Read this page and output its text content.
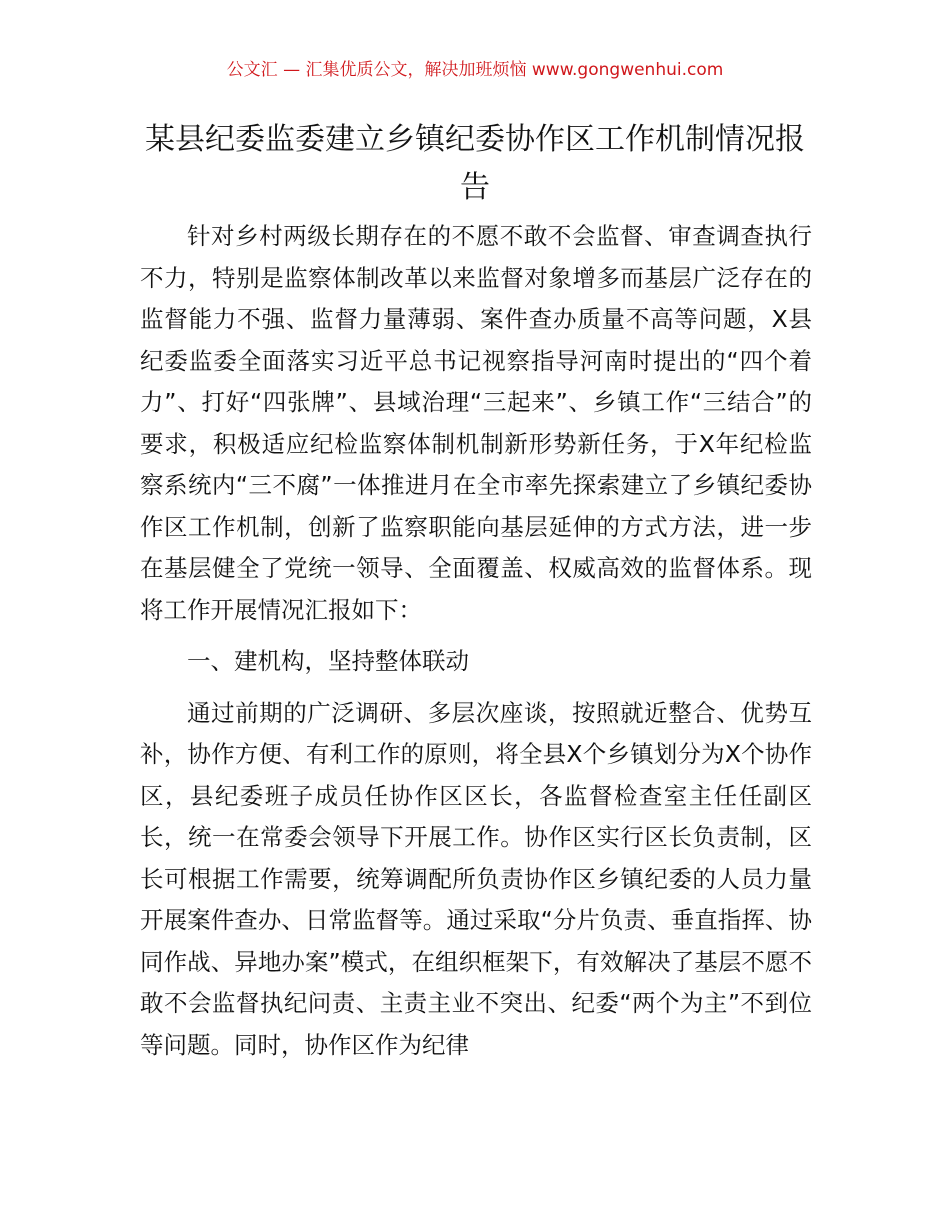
公文汇 — 汇集优质公文，解决加班烦恼 www.gongwenhui.com
某县纪委监委建立乡镇纪委协作区工作机制情况报告

针对乡村两级长期存在的不愿不敢不会监督、审查调查执行不力，特别是监察体制改革以来监督对象增多而基层广泛存在的监督能力不强、监督力量薄弱、案件查办质量不高等问题，X县纪委监委全面落实习近平总书记视察指导河南时提出的“四个着力”、打好“四张牌”、县域治理“三起来”、乡镇工作“三结合”的要求，积极适应纪检监察体制机制新形势新任务，于X年纪检监察系统内“三不腐”一体推进月在全市率先探索建立了乡镇纪委协作区工作机制，创新了监察职能向基层延伸的方式方法，进一步在基层健全了党统一领导、全面覆盖、权威高效的监督体系。现将工作开展情况汇报如下：

一、建机构，坚持整体联动

通过前期的广泛调研、多层次座谈，按照就近整合、优势互补，协作方便、有利工作的原则，将全县X个乡镇划分为X个协作区，县纪委班子成员任协作区区长，各监督检查室主任任副区长，统一在常委会领导下开展工作。协作区实行区长负责制，区长可根据工作需要，统筹调配所负责协作区乡镇纪委的人员力量开展案件查办、日常监督等。通过采取“分片负责、垂直指挥、协同作战、异地办案”模式，在组织框架下，有效解决了基层不愿不敢不会监督执纪问责、主责主业不突出、纪委“两个为主”不到位等问题。同时，协作区作为纪律
